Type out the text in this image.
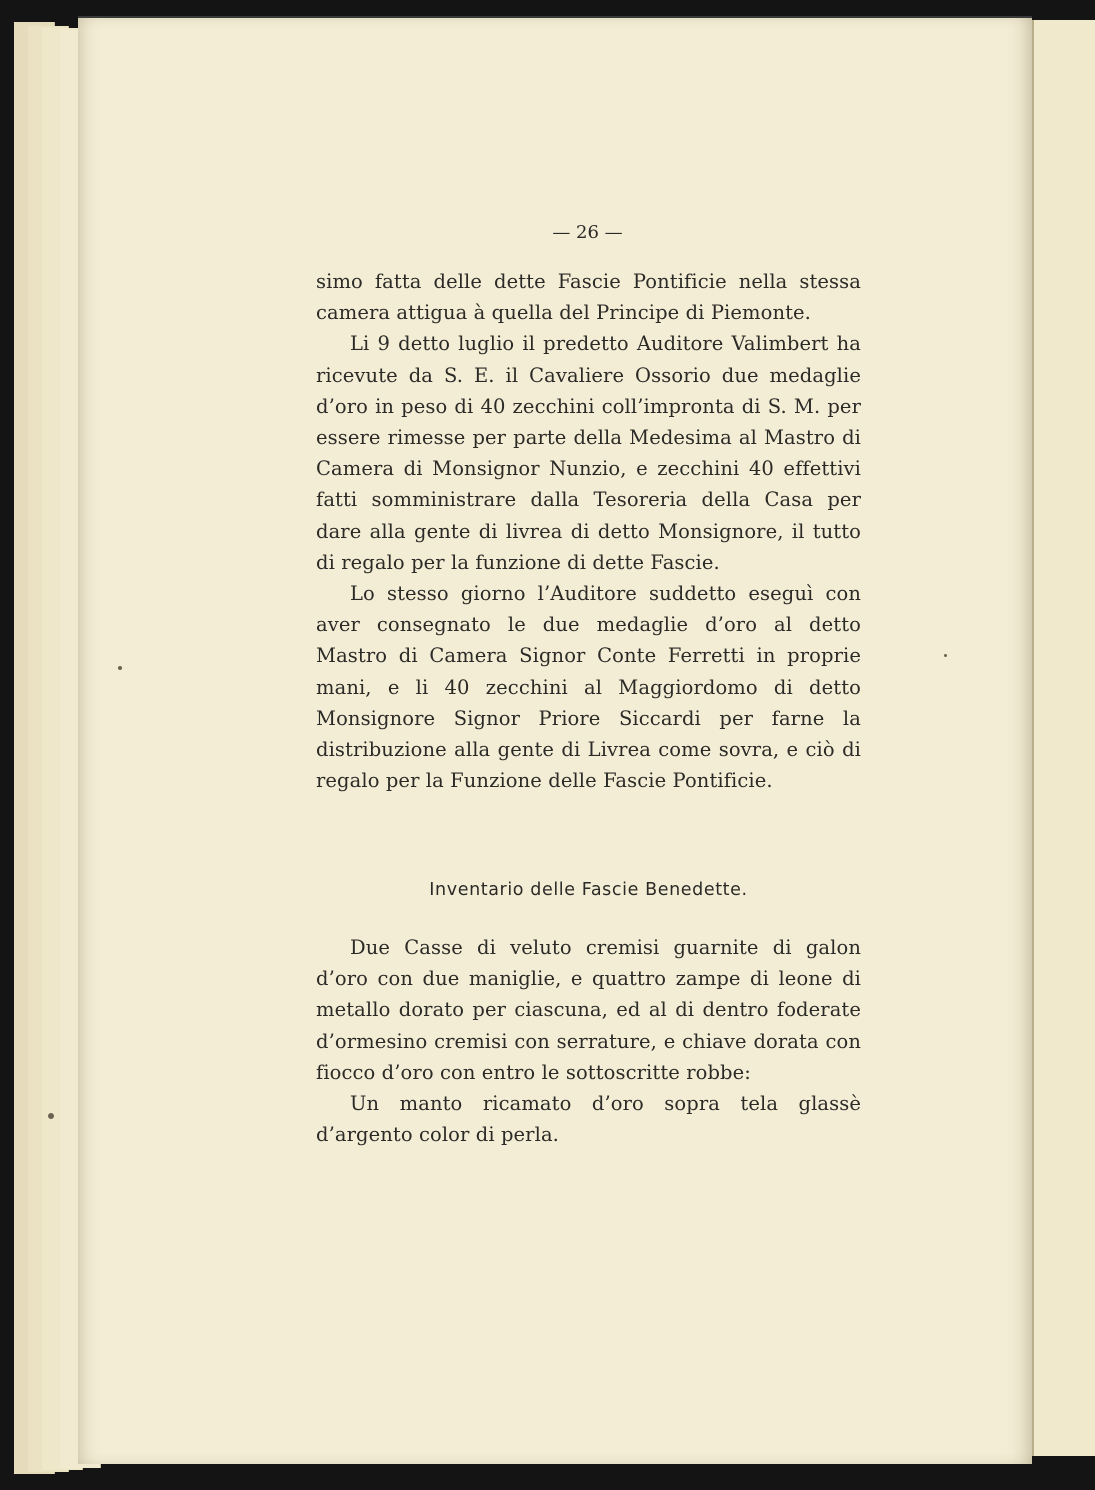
— 26 —

simo fatta delle dette Fascie Pontificie nella stessa camera attigua à quella del Principe di Piemonte.

Li 9 detto luglio il predetto Auditore Valimbert ha ricevute da S. E. il Cavaliere Ossorio due medaglie d’oro in peso di 40 zecchini coll’impronta di S. M. per essere rimesse per parte della Medesima al Mastro di Camera di Monsignor Nunzio, e zecchini 40 effettivi fatti somministrare dalla Tesoreria della Casa per dare alla gente di livrea di detto Monsignore, il tutto di regalo per la funzione di dette Fascie.

Lo stesso giorno l’Auditore suddetto eseguì con aver consegnato le due medaglie d’oro al detto Mastro di Camera Signor Conte Ferretti in proprie mani, e li 40 zecchini al Maggiordomo di detto Monsignore Signor Priore Siccardi per farne la distribuzione alla gente di Livrea come sovra, e ciò di regalo per la Funzione delle Fascie Pontificie.

Inventario delle Fascie Benedette.

Due Casse di veluto cremisi guarnite di galon d’oro con due maniglie, e quattro zampe di leone di metallo dorato per ciascuna, ed al di dentro foderate d’ormesino cremisi con serrature, e chiave dorata con fiocco d’oro con entro le sottoscritte robbe:

Un manto ricamato d’oro sopra tela glassè d’argento color di perla.
